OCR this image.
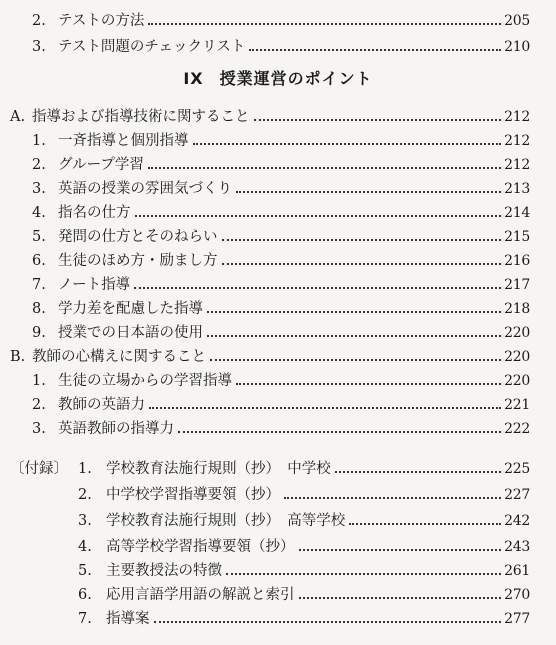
2. テストの方法	205
3. テスト問題のチェックリスト	210
IX 授業運営のポイント
A. 指導および指導技術に関すること	212
1. 一斉指導と個別指導	212
2. グループ学習	212
3. 英語の授業の雰囲気づくり	213
4. 指名の仕方	214
5. 発問の仕方とそのねらい	215
6. 生徒のほめ方・励まし方	216
7. ノート指導	217
8. 学力差を配慮した指導	218
9. 授業での日本語の使用	220
B. 教師の心構えに関すること	220
1. 生徒の立場からの学習指導	220
2. 教師の英語力	221
3. 英語教師の指導力	222
〔付録〕 1. 学校教育法施行規則（抄）　中学校	225
2. 中学校学習指導要領（抄）	227
3. 学校教育法施行規則（抄）　高等学校	242
4. 高等学校学習指導要領（抄）	243
5. 主要教授法の特徴	261
6. 応用言語学用語の解説と索引	270
7. 指導案	277
